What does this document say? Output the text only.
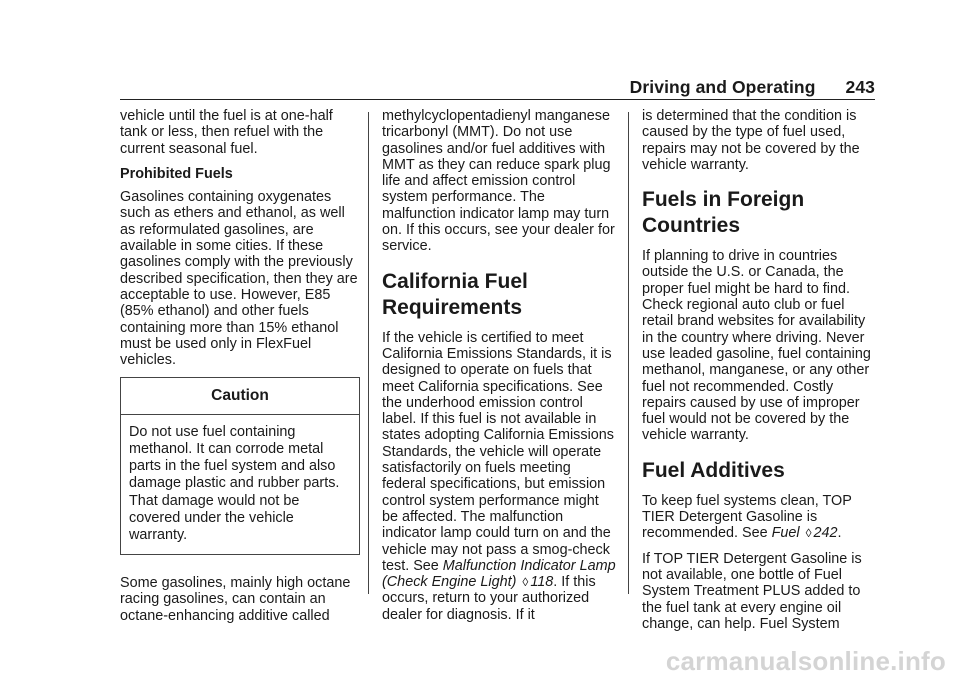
Driving and Operating 243

vehicle until the fuel is at one-half tank or less, then refuel with the current seasonal fuel.

Prohibited Fuels

Gasolines containing oxygenates such as ethers and ethanol, as well as reformulated gasolines, are available in some cities. If these gasolines comply with the previously described specification, then they are acceptable to use. However, E85 (85% ethanol) and other fuels containing more than 15% ethanol must be used only in FlexFuel vehicles.

Caution
Do not use fuel containing methanol. It can corrode metal parts in the fuel system and also damage plastic and rubber parts. That damage would not be covered under the vehicle warranty.

Some gasolines, mainly high octane racing gasolines, can contain an octane-enhancing additive called

methylcyclopentadienyl manganese tricarbonyl (MMT). Do not use gasolines and/or fuel additives with MMT as they can reduce spark plug life and affect emission control system performance. The malfunction indicator lamp may turn on. If this occurs, see your dealer for service.

California Fuel Requirements

If the vehicle is certified to meet California Emissions Standards, it is designed to operate on fuels that meet California specifications. See the underhood emission control label. If this fuel is not available in states adopting California Emissions Standards, the vehicle will operate satisfactorily on fuels meeting federal specifications, but emission control system performance might be affected. The malfunction indicator lamp could turn on and the vehicle may not pass a smog-check test. See Malfunction Indicator Lamp (Check Engine Light) ◊ 118. If this occurs, return to your authorized dealer for diagnosis. If it

is determined that the condition is caused by the type of fuel used, repairs may not be covered by the vehicle warranty.

Fuels in Foreign Countries

If planning to drive in countries outside the U.S. or Canada, the proper fuel might be hard to find. Check regional auto club or fuel retail brand websites for availability in the country where driving. Never use leaded gasoline, fuel containing methanol, manganese, or any other fuel not recommended. Costly repairs caused by use of improper fuel would not be covered by the vehicle warranty.

Fuel Additives

To keep fuel systems clean, TOP TIER Detergent Gasoline is recommended. See Fuel ◊ 242.

If TOP TIER Detergent Gasoline is not available, one bottle of Fuel System Treatment PLUS added to the fuel tank at every engine oil change, can help. Fuel System

carmanualsonline.info
